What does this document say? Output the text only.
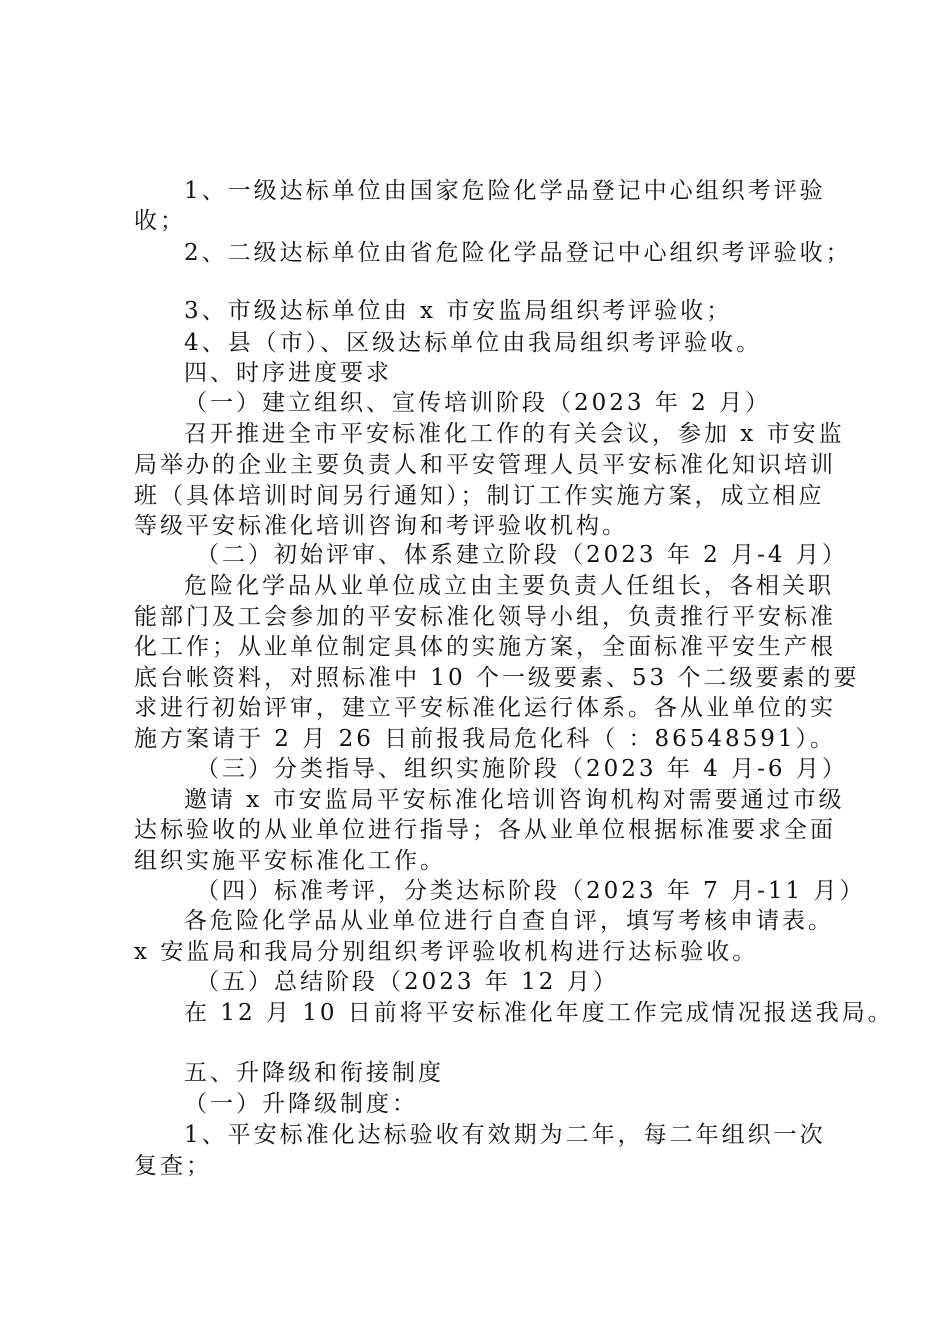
1、一级达标单位由国家危险化学品登记中心组织考评验
收；
2、二级达标单位由省危险化学品登记中心组织考评验收；
3、市级达标单位由 x 市安监局组织考评验收；
4、县（市）、区级达标单位由我局组织考评验收。
四、时序进度要求
（一）建立组织、宣传培训阶段（2023 年 2 月）
召开推进全市平安标准化工作的有关会议，参加 x 市安监
局举办的企业主要负责人和平安管理人员平安标准化知识培训
班（具体培训时间另行通知）；制订工作实施方案，成立相应
等级平安标准化培训咨询和考评验收机构。
（二）初始评审、体系建立阶段（2023 年 2 月-4 月）
危险化学品从业单位成立由主要负责人任组长，各相关职
能部门及工会参加的平安标准化领导小组，负责推行平安标准
化工作；从业单位制定具体的实施方案，全面标准平安生产根
底台帐资料，对照标准中 10 个一级要素、53 个二级要素的要
求进行初始评审，建立平安标准化运行体系。各从业单位的实
施方案请于 2 月 26 日前报我局危化科（ ：86548591）。
（三）分类指导、组织实施阶段（2023 年 4 月-6 月）
邀请 x 市安监局平安标准化培训咨询机构对需要通过市级
达标验收的从业单位进行指导；各从业单位根据标准要求全面
组织实施平安标准化工作。
（四）标准考评，分类达标阶段（2023 年 7 月-11 月）
各危险化学品从业单位进行自查自评，填写考核申请表。
x 安监局和我局分别组织考评验收机构进行达标验收。
（五）总结阶段（2023 年 12 月）
在 12 月 10 日前将平安标准化年度工作完成情况报送我局。
五、升降级和衔接制度
（一）升降级制度：
1、平安标准化达标验收有效期为二年，每二年组织一次
复查；
